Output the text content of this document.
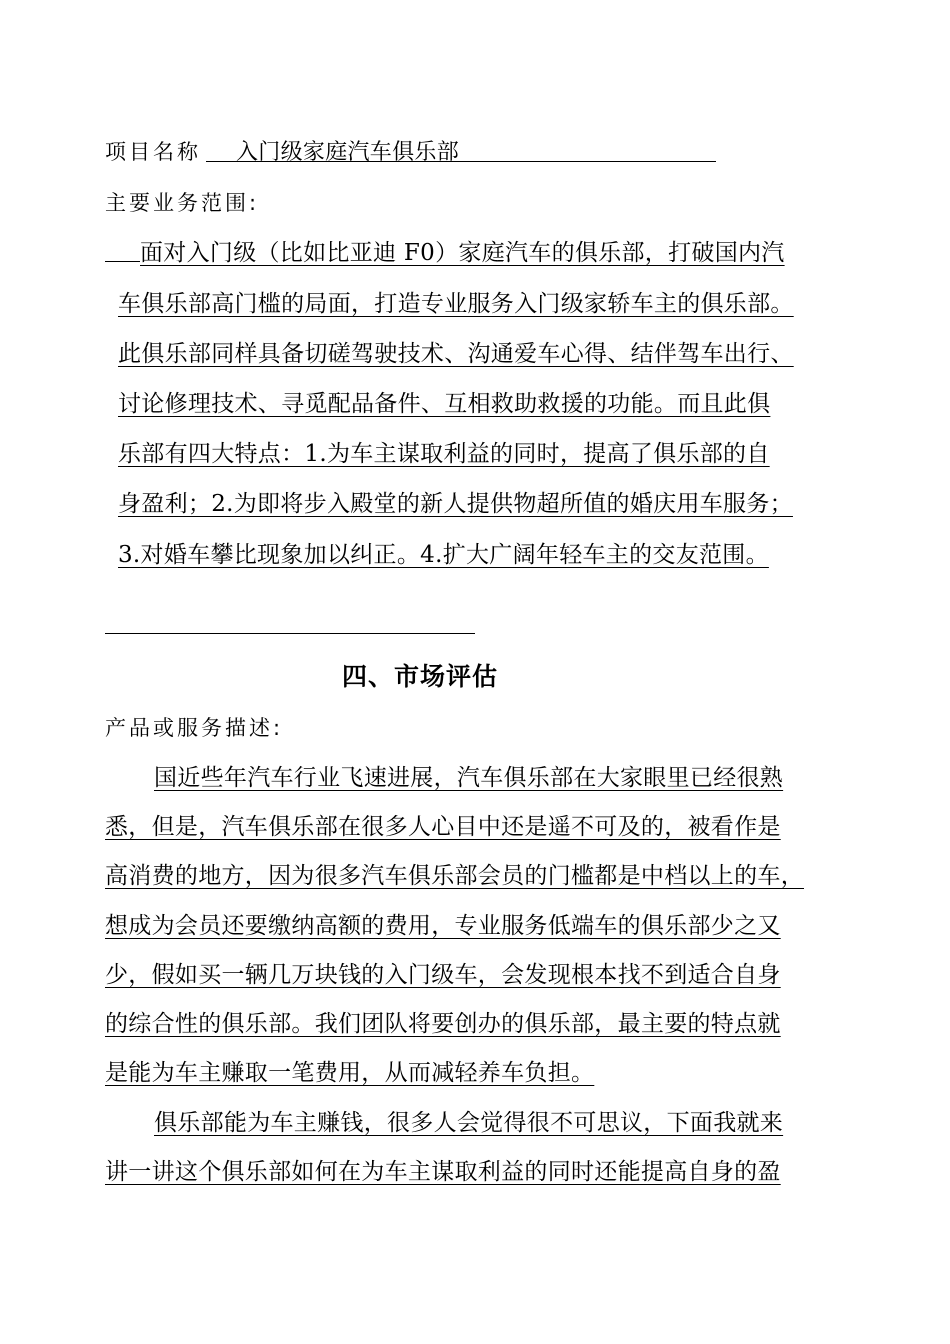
项目名称 入门级家庭汽车俱乐部
主要业务范围:
面对入门级（比如比亚迪 F0）家庭汽车的俱乐部，打破国内汽
车俱乐部高门槛的局面，打造专业服务入门级家轿车主的俱乐部。
此俱乐部同样具备切磋驾驶技术、沟通爱车心得、结伴驾车出行、
讨论修理技术、寻觅配品备件、互相救助救援的功能。而且此俱
乐部有四大特点：1.为车主谋取利益的同时，提高了俱乐部的自
身盈利；2.为即将步入殿堂的新人提供物超所值的婚庆用车服务；
3.对婚车攀比现象加以纠正。4.扩大广阔年轻车主的交友范围。
四、市场评估
产品或服务描述:
国近些年汽车行业飞速进展，汽车俱乐部在大家眼里已经很熟
悉，但是，汽车俱乐部在很多人心目中还是遥不可及的，被看作是
高消费的地方，因为很多汽车俱乐部会员的门槛都是中档以上的车，
想成为会员还要缴纳高额的费用，专业服务低端车的俱乐部少之又
少，假如买一辆几万块钱的入门级车，会发现根本找不到适合自身
的综合性的俱乐部。我们团队将要创办的俱乐部，最主要的特点就
是能为车主赚取一笔费用，从而减轻养车负担。
俱乐部能为车主赚钱，很多人会觉得很不可思议，下面我就来
讲一讲这个俱乐部如何在为车主谋取利益的同时还能提高自身的盈
